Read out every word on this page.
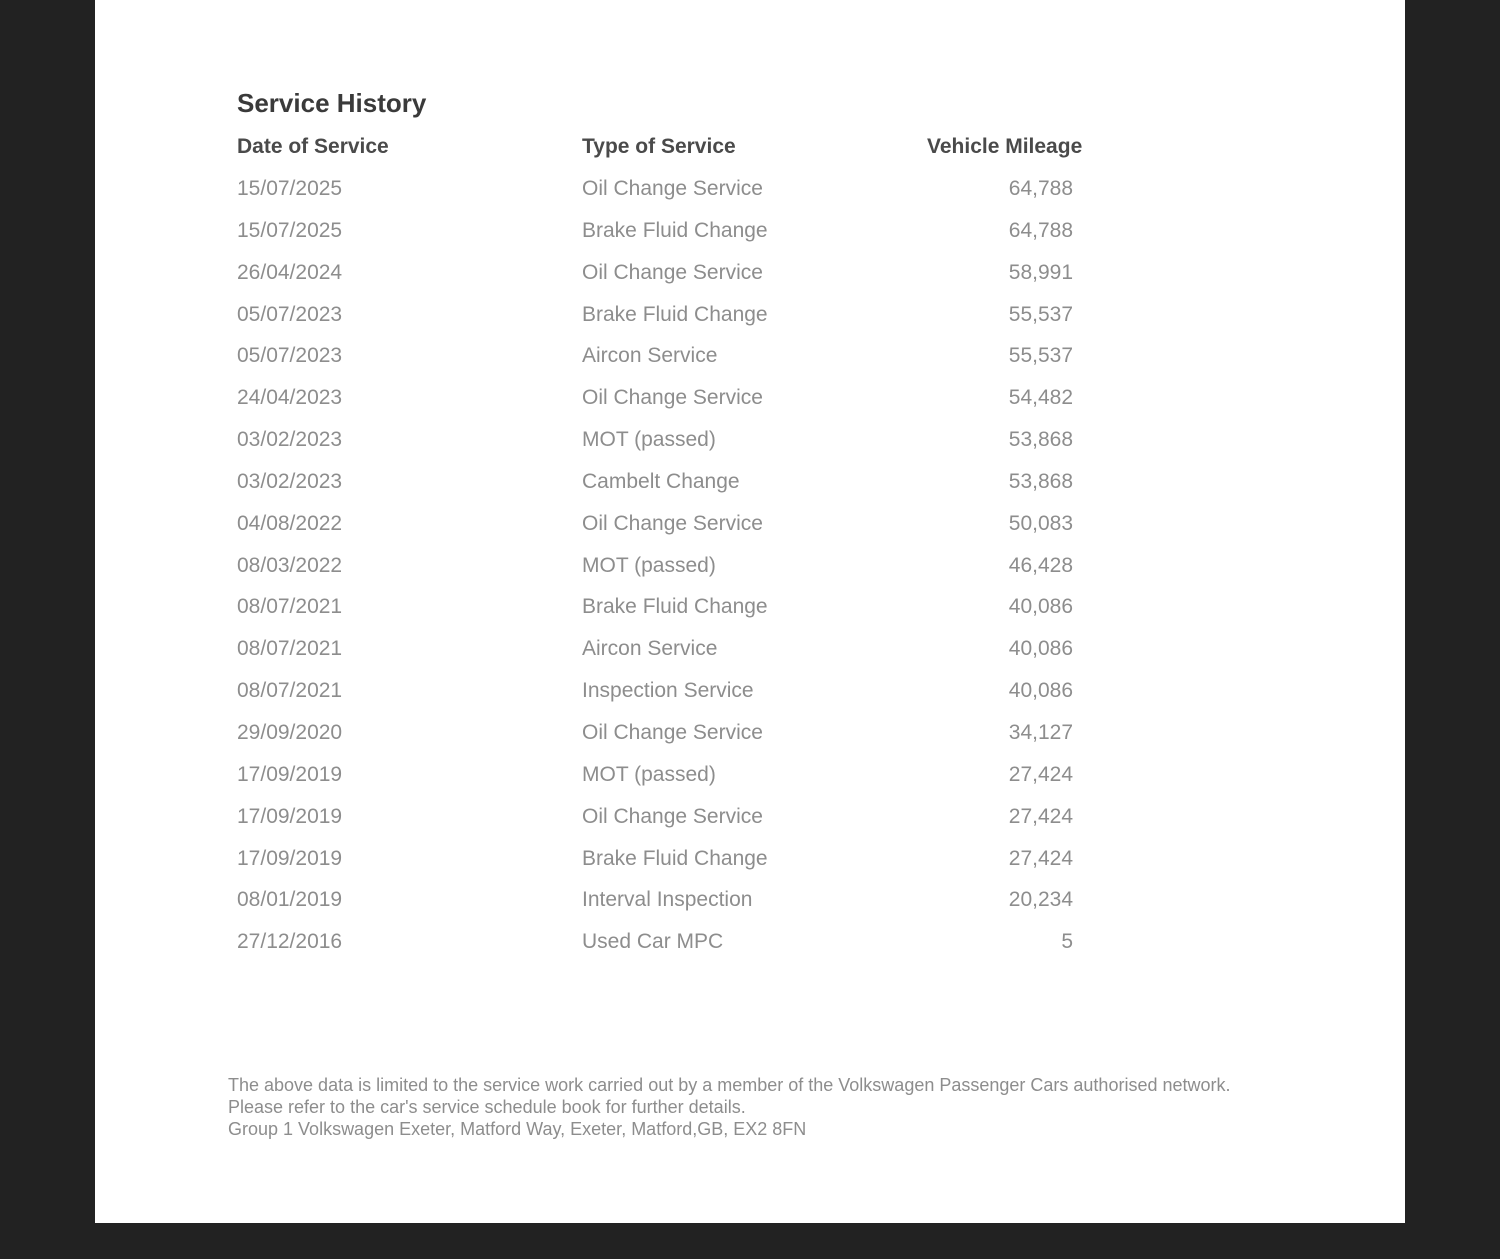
Service History
Date of Service	Type of Service	Vehicle Mileage
15/07/2025	Oil Change Service	64,788
15/07/2025	Brake Fluid Change	64,788
26/04/2024	Oil Change Service	58,991
05/07/2023	Brake Fluid Change	55,537
05/07/2023	Aircon Service	55,537
24/04/2023	Oil Change Service	54,482
03/02/2023	MOT (passed)	53,868
03/02/2023	Cambelt Change	53,868
04/08/2022	Oil Change Service	50,083
08/03/2022	MOT (passed)	46,428
08/07/2021	Brake Fluid Change	40,086
08/07/2021	Aircon Service	40,086
08/07/2021	Inspection Service	40,086
29/09/2020	Oil Change Service	34,127
17/09/2019	MOT (passed)	27,424
17/09/2019	Oil Change Service	27,424
17/09/2019	Brake Fluid Change	27,424
08/01/2019	Interval Inspection	20,234
27/12/2016	Used Car MPC	5
The above data is limited to the service work carried out by a member of the Volkswagen Passenger Cars authorised network.
Please refer to the car's service schedule book for further details.
Group 1 Volkswagen Exeter, Matford Way, Exeter, Matford,GB, EX2 8FN
